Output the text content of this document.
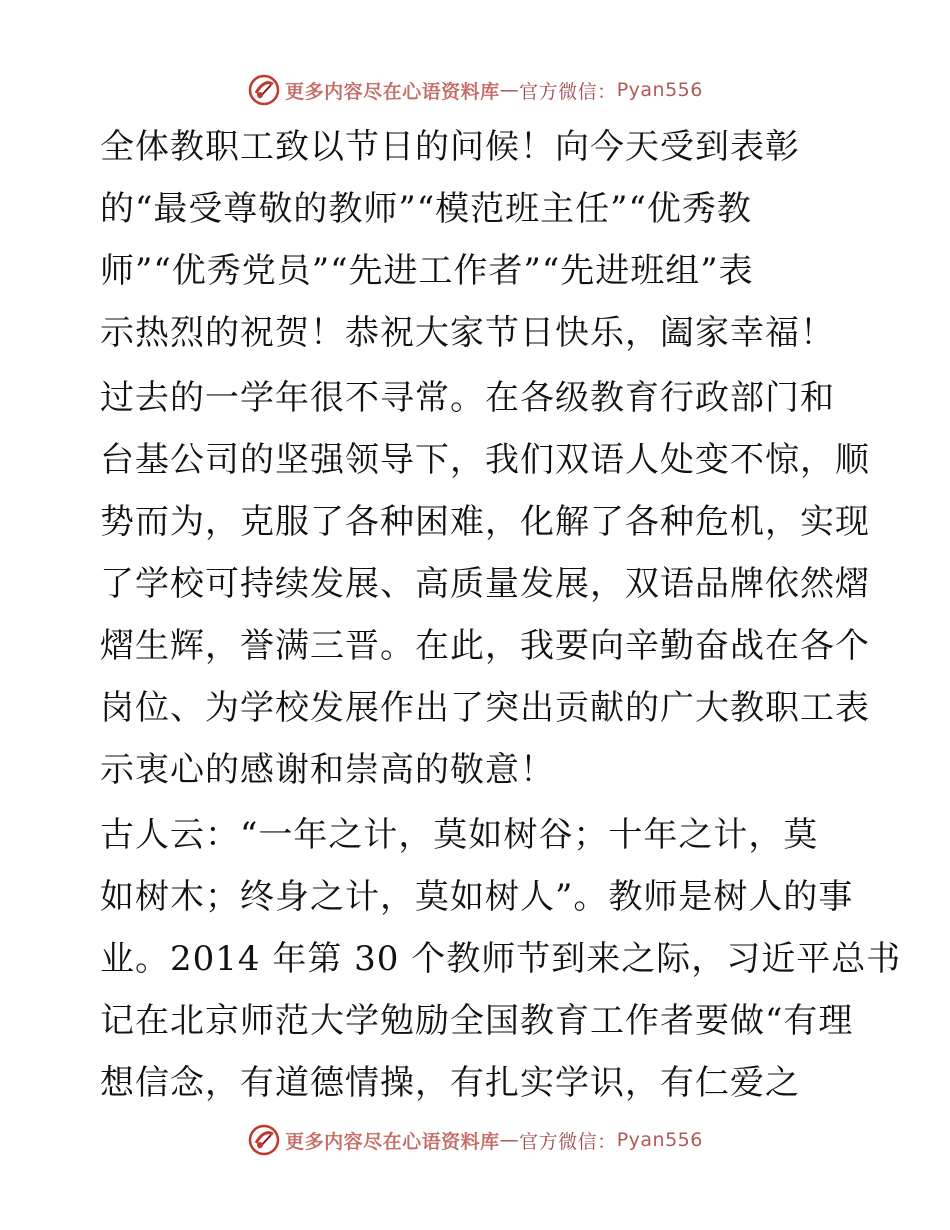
更多内容尽在心语资料库 — 官方微信： Pyan556
全体教职工致以节日的问候！向今天受到表彰
的“最受尊敬的教师”“模范班主任”“优秀教
师”“优秀党员”“先进工作者”“先进班组”表
示热烈的祝贺！恭祝大家节日快乐，阖家幸福！
过去的一学年很不寻常。在各级教育行政部门和
台基公司的坚强领导下，我们双语人处变不惊，顺
势而为，克服了各种困难，化解了各种危机，实现
了学校可持续发展、高质量发展，双语品牌依然熠
熠生辉，誉满三晋。在此，我要向辛勤奋战在各个
岗位、为学校发展作出了突出贡献的广大教职工表
示衷心的感谢和崇高的敬意！
古人云：“一年之计，莫如树谷；十年之计，莫
如树木；终身之计，莫如树人”。教师是树人的事
业。2014 年第 30 个教师节到来之际，习近平总书
记在北京师范大学勉励全国教育工作者要做“有理
想信念，有道德情操，有扎实学识，有仁爱之
更多内容尽在心语资料库 — 官方微信： Pyan556
